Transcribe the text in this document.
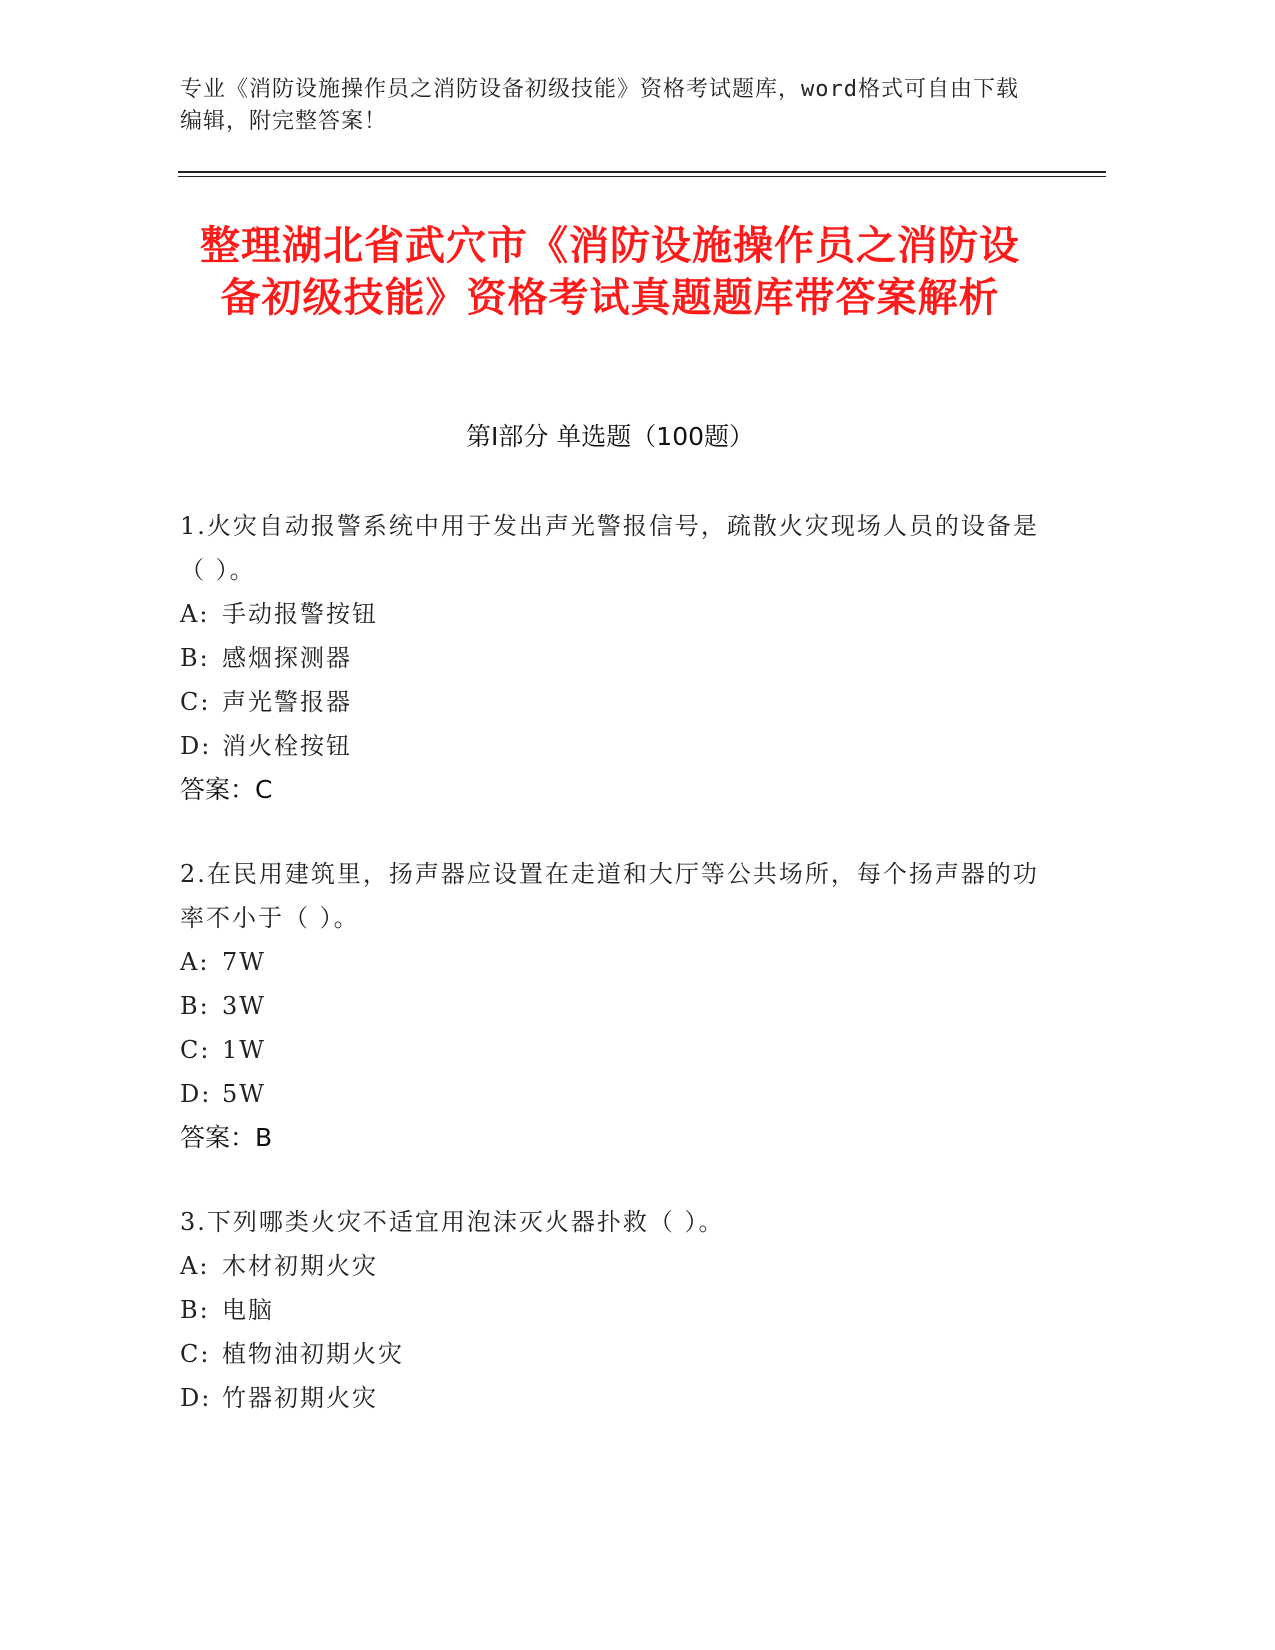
专业《消防设施操作员之消防设备初级技能》资格考试题库，word格式可自由下载编辑，附完整答案！
整理湖北省武穴市《消防设施操作员之消防设备初级技能》资格考试真题题库带答案解析
第Ⅰ部分 单选题（100题）

1.火灾自动报警系统中用于发出声光警报信号，疏散火灾现场人员的设备是（ ）。

A: 手动报警按钮
B: 感烟探测器
C: 声光警报器
D: 消火栓按钮
答案：C

2.在民用建筑里，扬声器应设置在走道和大厅等公共场所，每个扬声器的功率不小于（ ）。

A: 7W
B: 3W
C: 1W
D: 5W
答案：B

3.下列哪类火灾不适宜用泡沫灭火器扑救（ ）。

A: 木材初期火灾
B: 电脑
C: 植物油初期火灾
D: 竹器初期火灾
